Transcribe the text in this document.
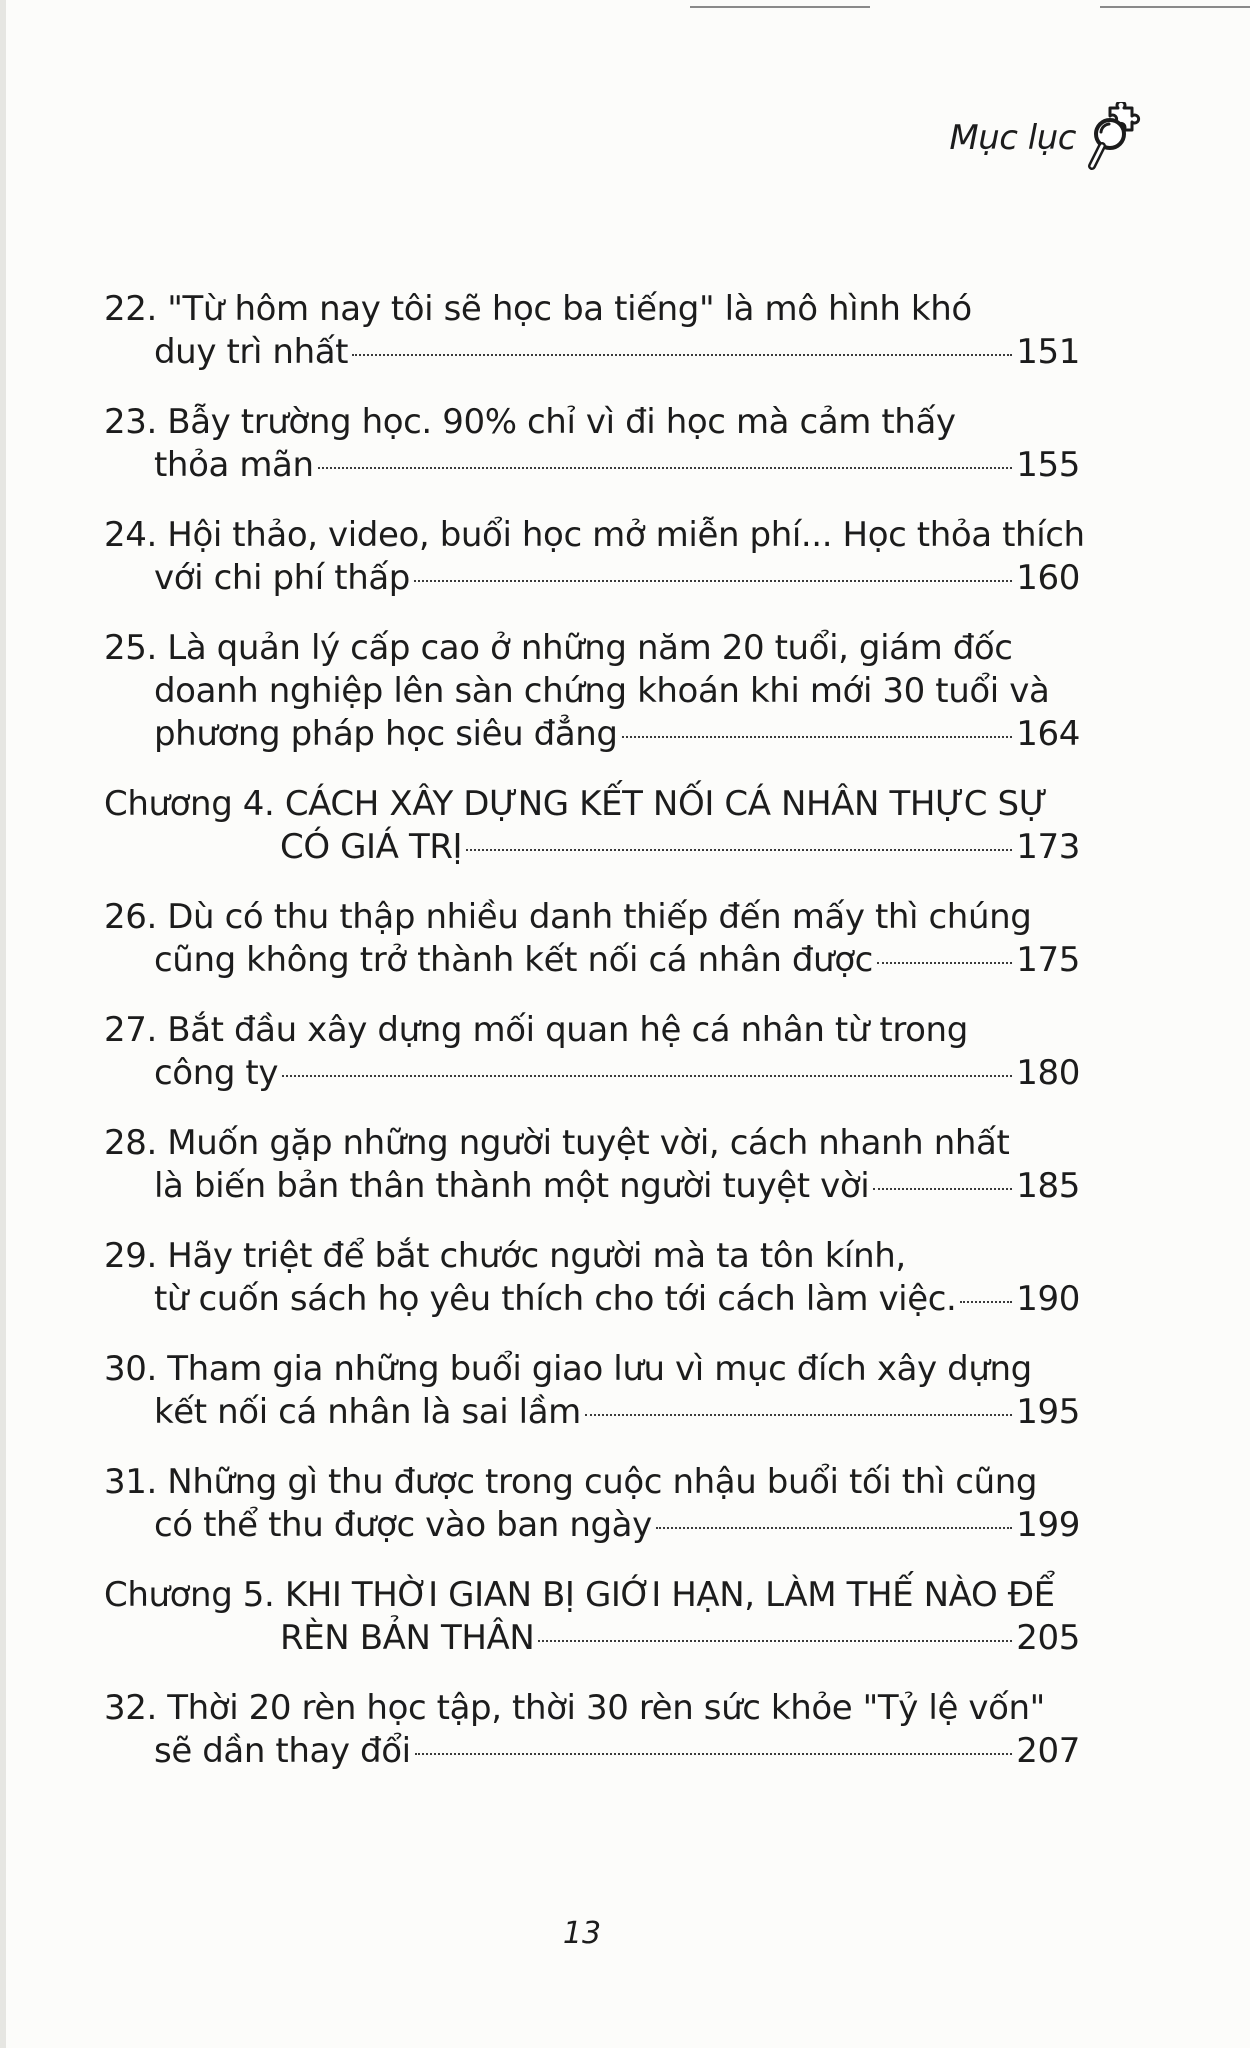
Mục lục
22. "Từ hôm nay tôi sẽ học ba tiếng" là mô hình khó
duy trì nhất	151
23. Bẫy trường học. 90% chỉ vì đi học mà cảm thấy
thỏa mãn	155
24. Hội thảo, video, buổi học mở miễn phí... Học thỏa thích
với chi phí thấp	160
25. Là quản lý cấp cao ở những năm 20 tuổi, giám đốc
doanh nghiệp lên sàn chứng khoán khi mới 30 tuổi và
phương pháp học siêu đẳng	164
Chương 4. CÁCH XÂY DỰNG KẾT NỐI CÁ NHÂN THỰC SỰ
CÓ GIÁ TRỊ	173
26. Dù có thu thập nhiều danh thiếp đến mấy thì chúng
cũng không trở thành kết nối cá nhân được	175
27. Bắt đầu xây dựng mối quan hệ cá nhân từ trong
công ty	180
28. Muốn gặp những người tuyệt vời, cách nhanh nhất
là biến bản thân thành một người tuyệt vời	185
29. Hãy triệt để bắt chước người mà ta tôn kính,
từ cuốn sách họ yêu thích cho tới cách làm việc. 190
30. Tham gia những buổi giao lưu vì mục đích xây dựng
kết nối cá nhân là sai lầm	195
31. Những gì thu được trong cuộc nhậu buổi tối thì cũng
có thể thu được vào ban ngày	199
Chương 5. KHI THỜI GIAN BỊ GIỚI HẠN, LÀM THẾ NÀO ĐỂ
RÈN BẢN THÂN	205
32. Thời 20 rèn học tập, thời 30 rèn sức khỏe "Tỷ lệ vốn"
sẽ dần thay đổi	207
13
